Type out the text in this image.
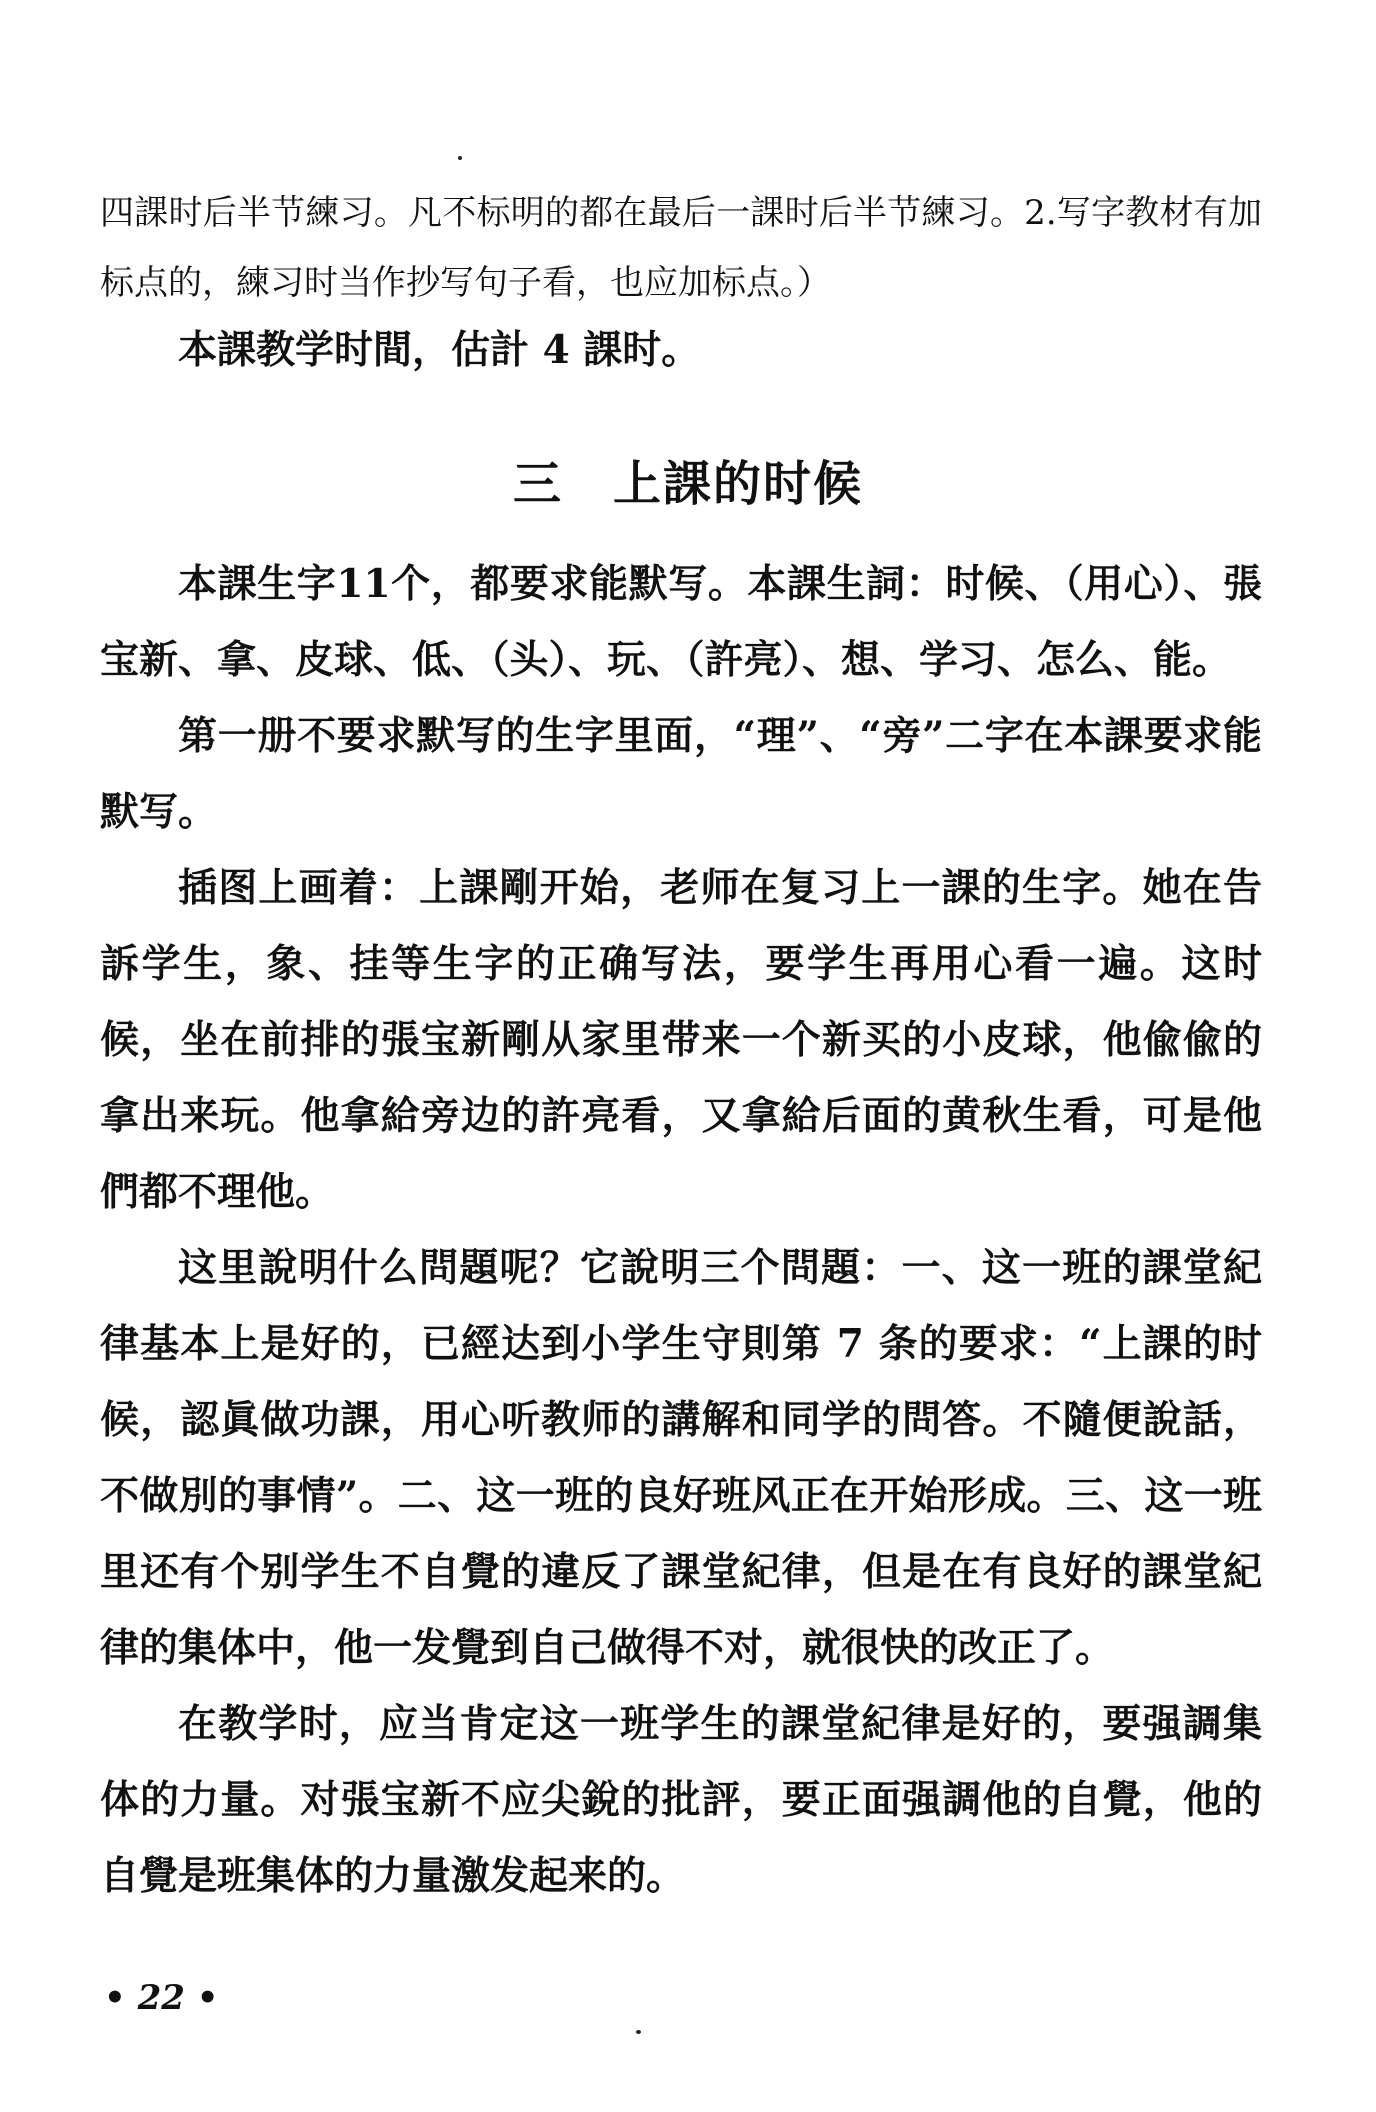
四課时后半节練习。凡不标明的都在最后一課时后半节練习。2.写字教材有加标点的，練习时当作抄写句子看，也应加标点。）

本課教学时間，估計 4 課时。

三 上課的时候

本課生字11个，都要求能默写。本課生詞：时候、（用心）、張宝新、拿、皮球、低、（头）、玩、（許亮）、想、学习、怎么、能。

第一册不要求默写的生字里面，“理”、“旁”二字在本課要求能默写。

插图上画着：上課剛开始，老师在复习上一課的生字。她在告訴学生，象、挂等生字的正确写法，要学生再用心看一遍。这时候，坐在前排的張宝新剛从家里带来一个新买的小皮球，他偸偸的拿出来玩。他拿給旁边的許亮看，又拿給后面的黄秋生看，可是他們都不理他。

这里說明什么問題呢？它說明三个問題：一、这一班的課堂紀律基本上是好的，已經达到小学生守則第 7 条的要求：“上課的时候，認眞做功課，用心听教师的講解和同学的問答。不隨便說話，不做別的事情”。二、这一班的良好班风正在开始形成。三、这一班里还有个别学生不自覺的違反了課堂紀律，但是在有良好的課堂紀律的集体中，他一发覺到自己做得不对，就很快的改正了。

在教学时，应当肯定这一班学生的課堂紀律是好的，要强調集体的力量。对張宝新不应尖銳的批評，要正面强調他的自覺，他的自覺是班集体的力量激发起来的。

• 22 •
